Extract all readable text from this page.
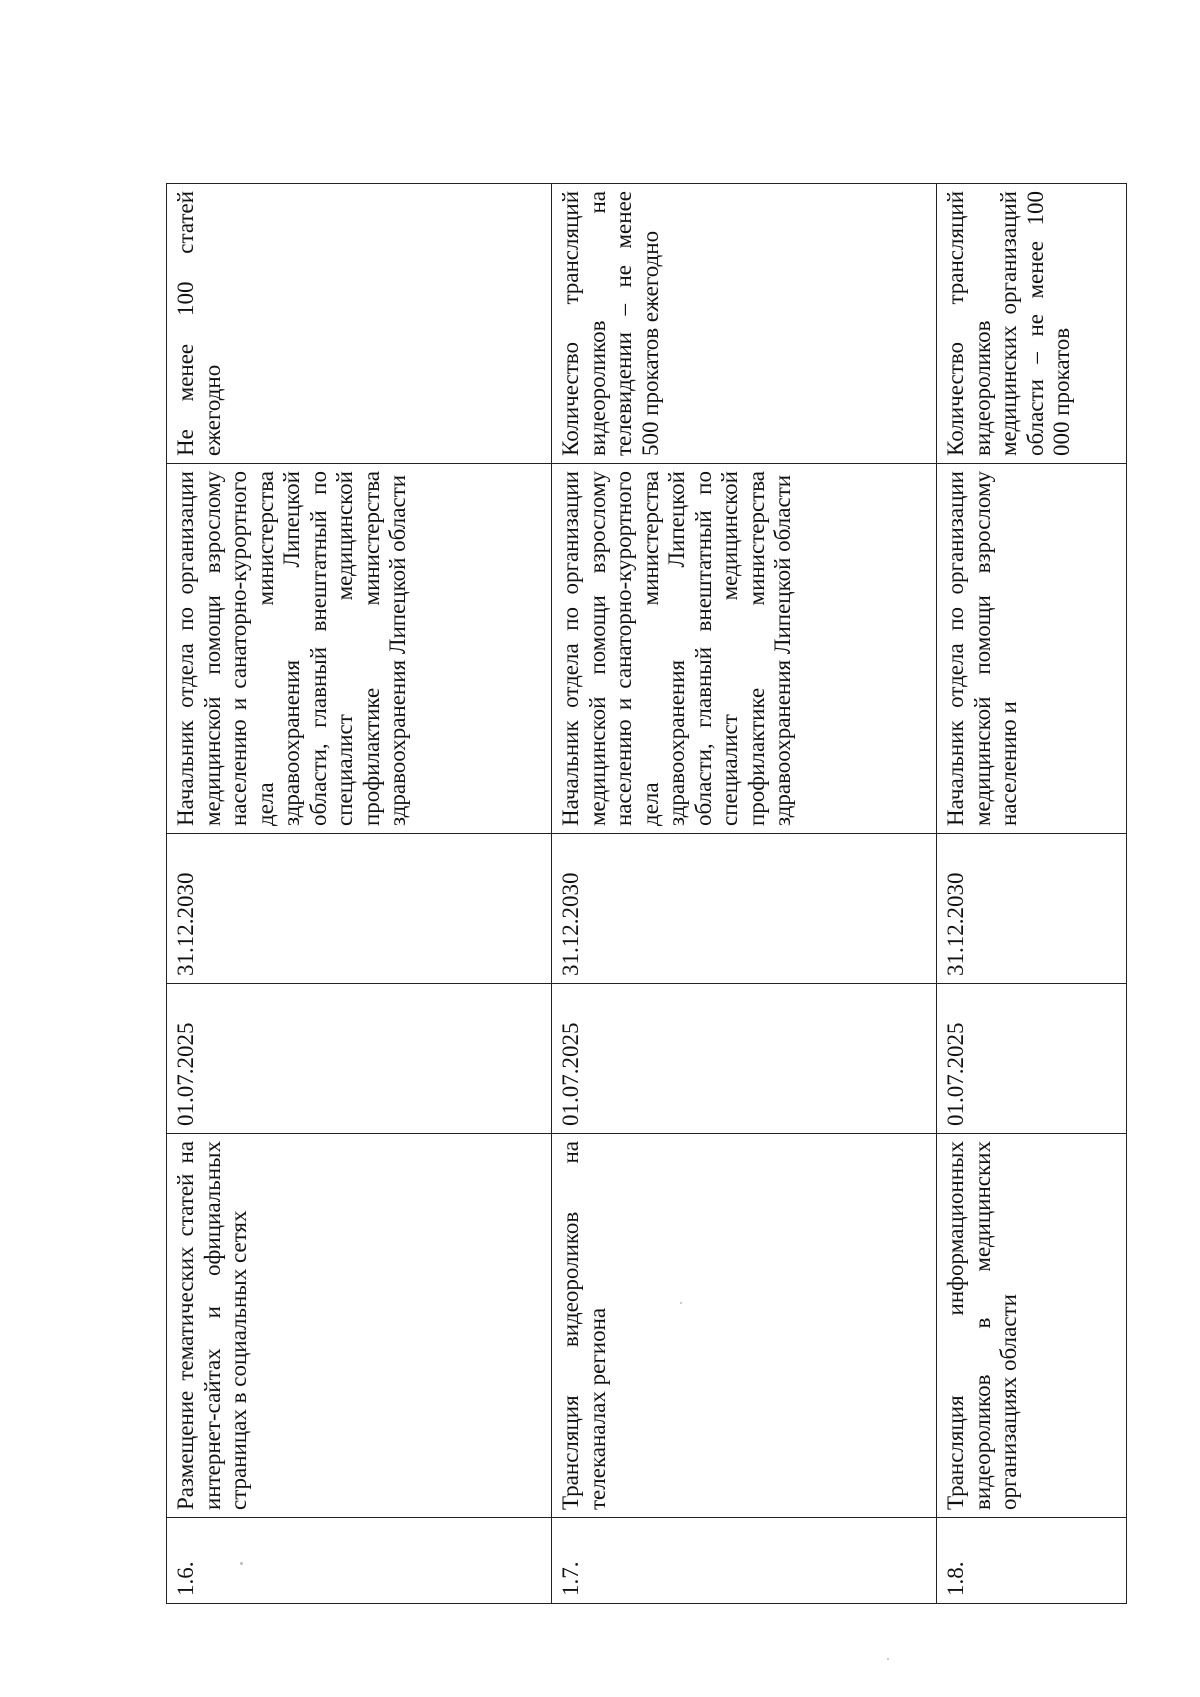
1.6.	Размещение тематических статей на интернет-сайтах и официальных страницах в социальных сетях	01.07.2025	31.12.2030	Начальник отдела по организации медицинской помощи взрослому населению и санаторно-курортного дела министерства здравоохранения Липецкой области, главный внештатный по специалист медицинской профилактике министерства здравоохранения Липецкой области	Не менее 100 статей ежегодно
1.7.	Трансляция видеороликов на телеканалах региона	01.07.2025	31.12.2030	Начальник отдела по организации медицинской помощи взрослому населению и санаторно-курортного дела министерства здравоохранения Липецкой области, главный внештатный по специалист медицинской профилактике министерства здравоохранения Липецкой области	Количество трансляций видеороликов на телевидении – не менее 500 прокатов ежегодно
1.8.	Трансляция информационных видеороликов в медицинских организациях области	01.07.2025	31.12.2030	Начальник отдела по организации медицинской помощи взрослому населению и	Количество трансляций видеороликов медицинских организаций области – не менее 100 000 прокатов
